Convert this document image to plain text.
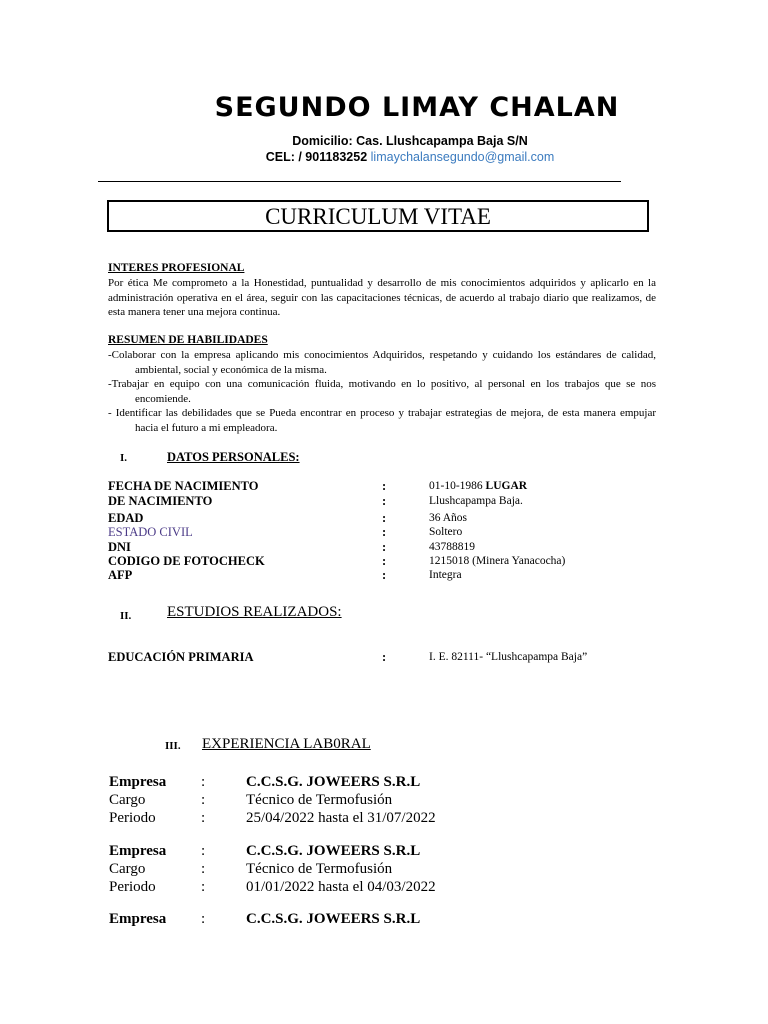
SEGUNDO LIMAY CHALAN
Domicilio: Cas. Llushcapampa Baja S/N
CEL: / 901183252 limaychalansegundo@gmail.com
CURRICULUM VITAE
INTERES PROFESIONAL
Por ética Me comprometo a la Honestidad, puntualidad y desarrollo de mis conocimientos adquiridos y aplicarlo en la administración operativa en el área, seguir con las capacitaciones técnicas, de acuerdo al trabajo diario que realizamos, de esta manera tener una mejora continua.
RESUMEN DE HABILIDADES
-Colaborar con la empresa aplicando mis conocimientos Adquiridos, respetando y cuidando los estándares de calidad, ambiental, social y económica de la misma.
-Trabajar en equipo con una comunicación fluida, motivando en lo positivo, al personal en los trabajos que se nos encomiende.
- Identificar las debilidades que se Pueda encontrar en proceso y trabajar estrategias de mejora, de esta manera empujar hacia el futuro a mi empleadora.
I.	DATOS PERSONALES:
FECHA DE NACIMIENTO	:	01-10-1986 LUGAR
DE NACIMIENTO	:	Llushcapampa Baja.
EDAD	:	36 Años
ESTADO CIVIL	:	Soltero
DNI	:	43788819
CODIGO DE FOTOCHECK	:	1215018 (Minera Yanacocha)
AFP	:	Integra
II. ESTUDIOS REALIZADOS:
EDUCACIÓN PRIMARIA	:	I. E. 82111- “Llushcapampa Baja”
III. EXPERIENCIA LAB0RAL
Empresa :	C.C.S.G. JOWEERS S.R.L
Cargo	:	Técnico de Termofusión
Periodo	:	25/04/2022 hasta el 31/07/2022
Empresa :	C.C.S.G. JOWEERS S.R.L
Cargo	:	Técnico de Termofusión
Periodo	:	01/01/2022 hasta el 04/03/2022
Empresa :	C.C.S.G. JOWEERS S.R.L
